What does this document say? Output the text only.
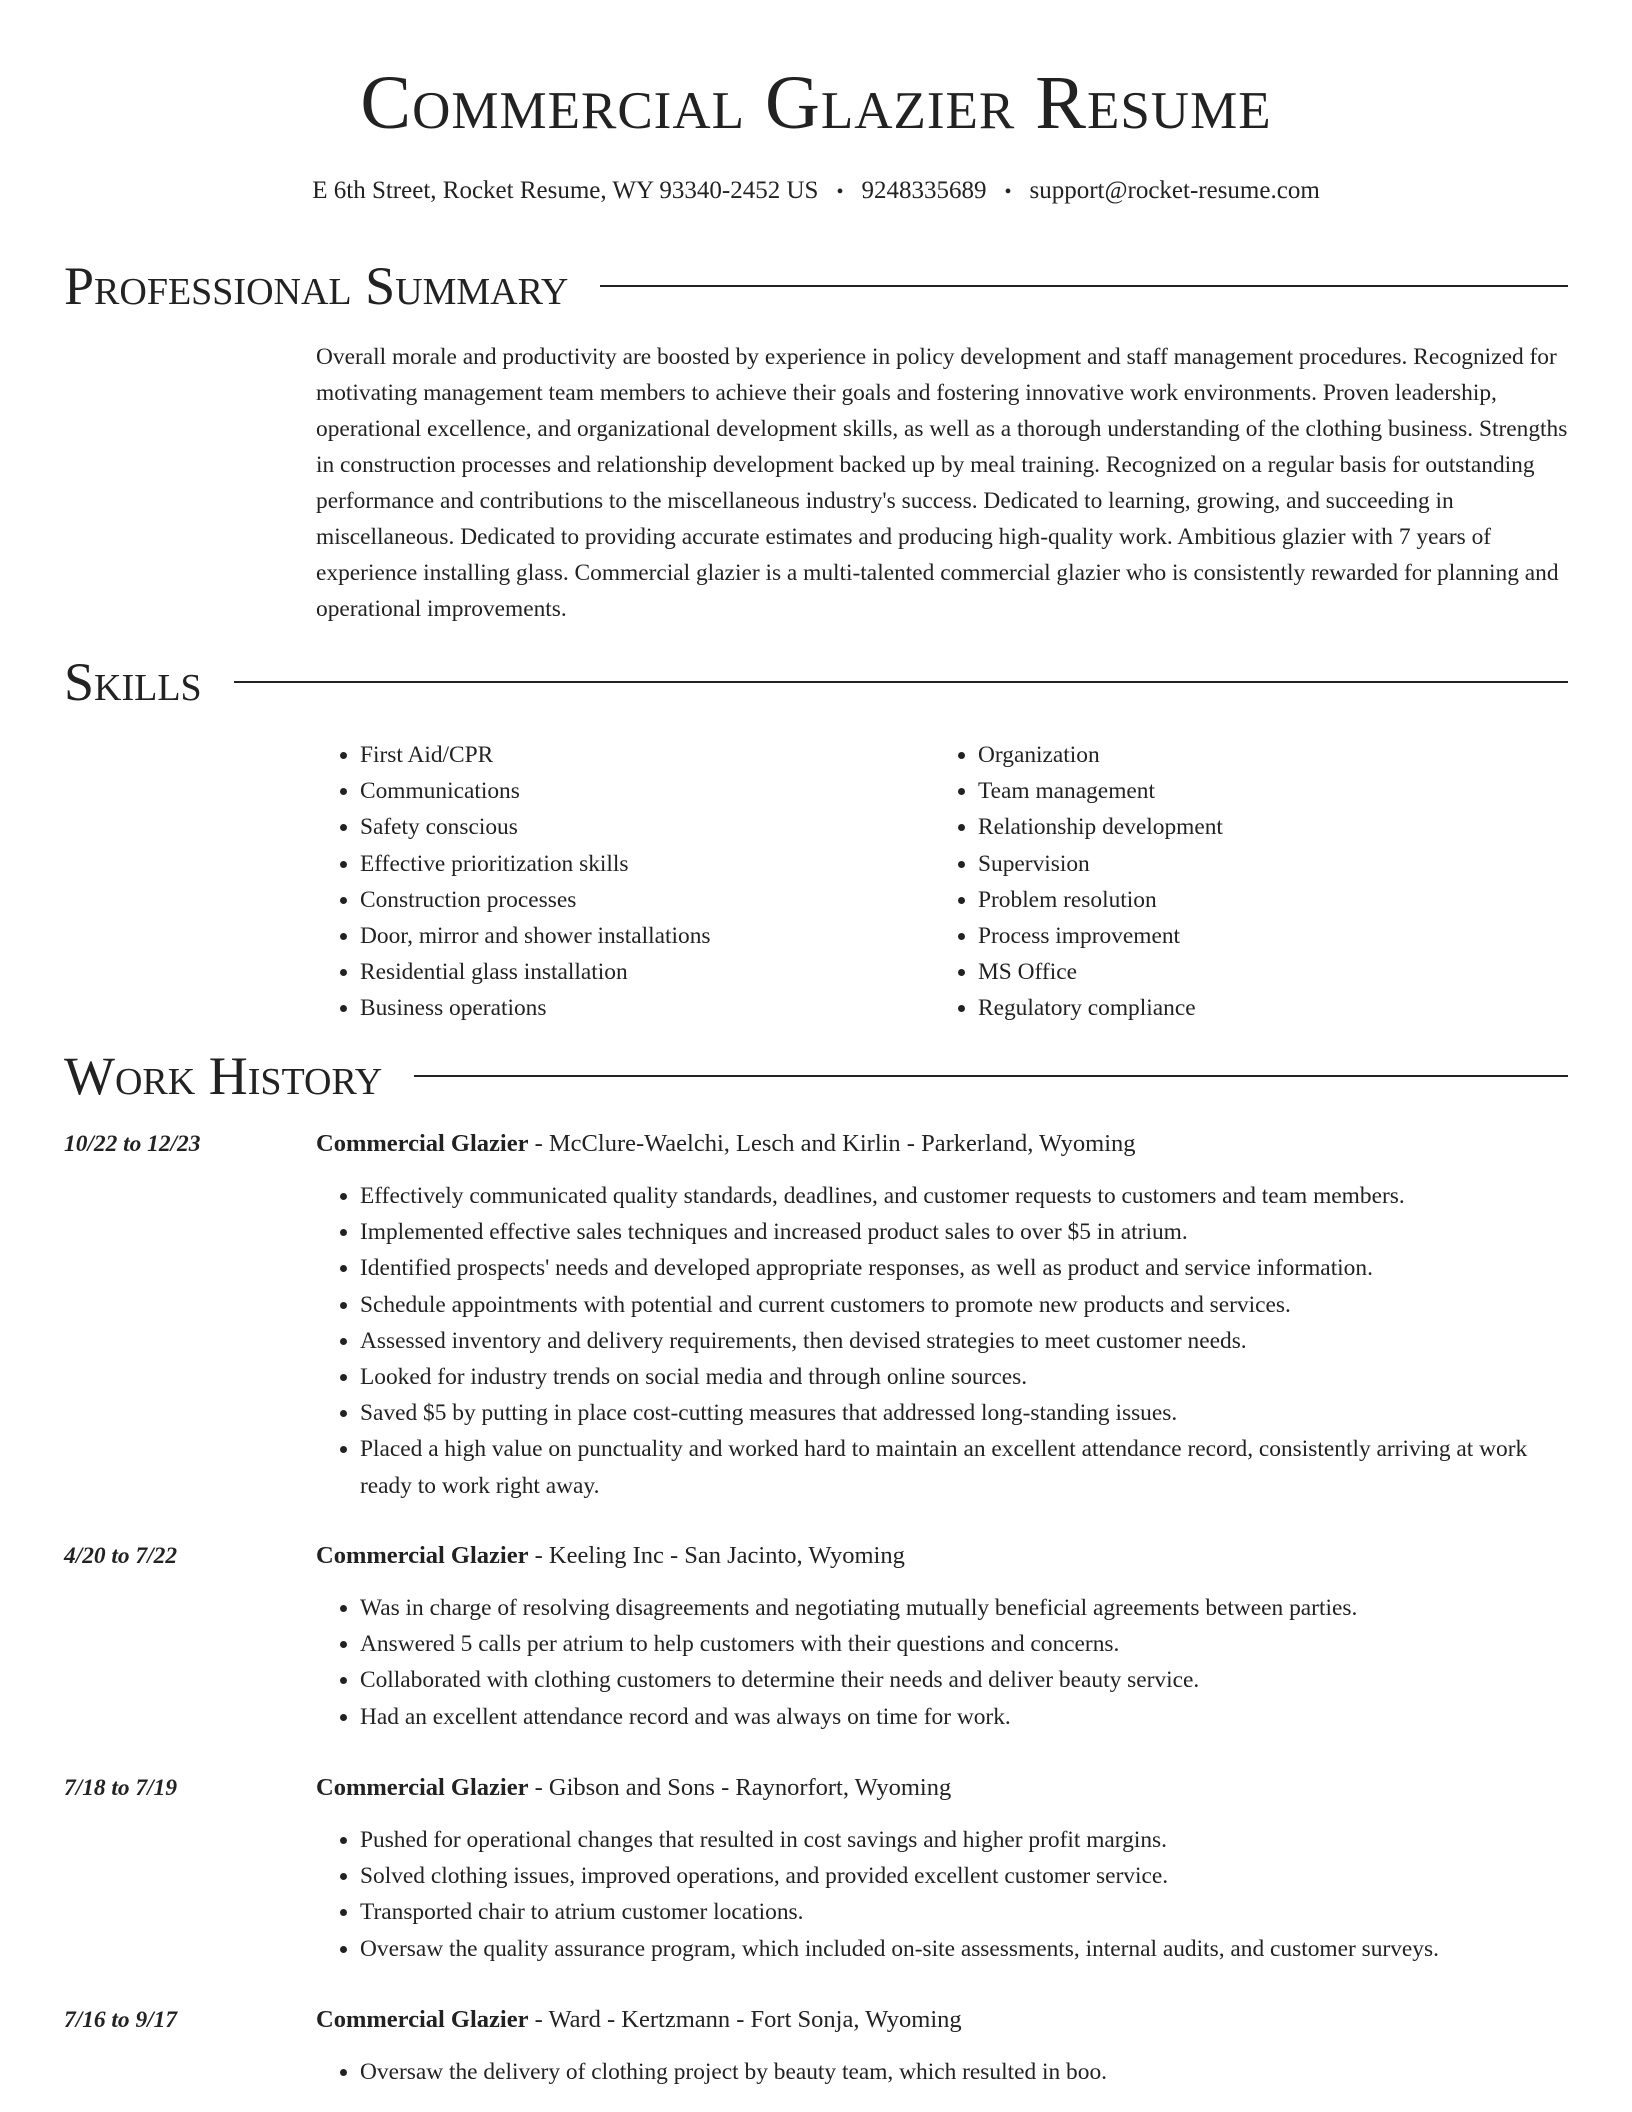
Commercial Glazier Resume
E 6th Street, Rocket Resume, WY 93340-2452 US • 9248335689 • support@rocket-resume.com
Professional Summary

Overall morale and productivity are boosted by experience in policy development and staff management procedures. Recognized for motivating management team members to achieve their goals and fostering innovative work environments. Proven leadership, operational excellence, and organizational development skills, as well as a thorough understanding of the clothing business. Strengths in construction processes and relationship development backed up by meal training. Recognized on a regular basis for outstanding performance and contributions to the miscellaneous industry's success. Dedicated to learning, growing, and succeeding in miscellaneous. Dedicated to providing accurate estimates and producing high-quality work. Ambitious glazier with 7 years of experience installing glass. Commercial glazier is a multi-talented commercial glazier who is consistently rewarded for planning and operational improvements.

Skills
• First Aid/CPR
• Communications
• Safety conscious
• Effective prioritization skills
• Construction processes
• Door, mirror and shower installations
• Residential glass installation
• Business operations
• Organization
• Team management
• Relationship development
• Supervision
• Problem resolution
• Process improvement
• MS Office
• Regulatory compliance
Work History
10/22 to 12/23	Commercial Glazier - McClure-Waelchi, Lesch and Kirlin - Parkerland, Wyoming
• Effectively communicated quality standards, deadlines, and customer requests to customers and team members.
• Implemented effective sales techniques and increased product sales to over $5 in atrium.
• Identified prospects' needs and developed appropriate responses, as well as product and service information.
• Schedule appointments with potential and current customers to promote new products and services.
• Assessed inventory and delivery requirements, then devised strategies to meet customer needs.
• Looked for industry trends on social media and through online sources.
• Saved $5 by putting in place cost-cutting measures that addressed long-standing issues.
• Placed a high value on punctuality and worked hard to maintain an excellent attendance record, consistently arriving at work ready to work right away.
4/20 to 7/22	Commercial Glazier - Keeling Inc - San Jacinto, Wyoming
• Was in charge of resolving disagreements and negotiating mutually beneficial agreements between parties.
• Answered 5 calls per atrium to help customers with their questions and concerns.
• Collaborated with clothing customers to determine their needs and deliver beauty service.
• Had an excellent attendance record and was always on time for work.
7/18 to 7/19	Commercial Glazier - Gibson and Sons - Raynorfort, Wyoming
• Pushed for operational changes that resulted in cost savings and higher profit margins.
• Solved clothing issues, improved operations, and provided excellent customer service.
• Transported chair to atrium customer locations.
• Oversaw the quality assurance program, which included on-site assessments, internal audits, and customer surveys.
7/16 to 9/17	Commercial Glazier - Ward - Kertzmann - Fort Sonja, Wyoming
• Oversaw the delivery of clothing project by beauty team, which resulted in boo.
